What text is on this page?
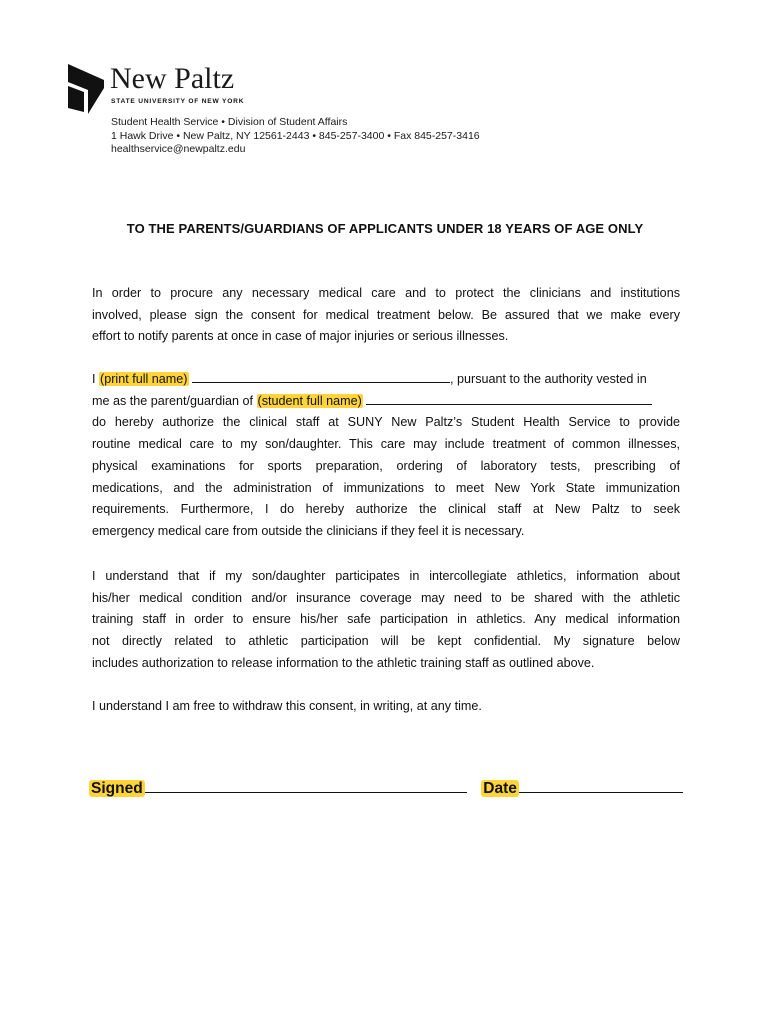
New Paltz
STATE UNIVERSITY OF NEW YORK
Student Health Service • Division of Student Affairs
1 Hawk Drive • New Paltz, NY 12561-2443 • 845-257-3400 • Fax 845-257-3416
healthservice@newpaltz.edu
TO THE PARENTS/GUARDIANS OF APPLICANTS UNDER 18 YEARS OF AGE ONLY
In order to procure any necessary medical care and to protect the clinicians and institutions
involved, please sign the consent for medical treatment below. Be assured that we make every
effort to notify parents at once in case of major injuries or serious illnesses.
I (print full name)	, pursuant to the authority vested in
me as the parent/guardian of (student full name)
do hereby authorize the clinical staff at SUNY New Paltz’s Student Health Service to provide
routine medical care to my son/daughter. This care may include treatment of common illnesses,
physical examinations for sports preparation, ordering of laboratory tests, prescribing of
medications, and the administration of immunizations to meet New York State immunization
requirements. Furthermore, I do hereby authorize the clinical staff at New Paltz to seek
emergency medical care from outside the clinicians if they feel it is necessary.
I understand that if my son/daughter participates in intercollegiate athletics, information about
his/her medical condition and/or insurance coverage may need to be shared with the athletic
training staff in order to ensure his/her safe participation in athletics. Any medical information
not directly related to athletic participation will be kept confidential. My signature below
includes authorization to release information to the athletic training staff as outlined above.
I understand I am free to withdraw this consent, in writing, at any time.
Signed	Date
